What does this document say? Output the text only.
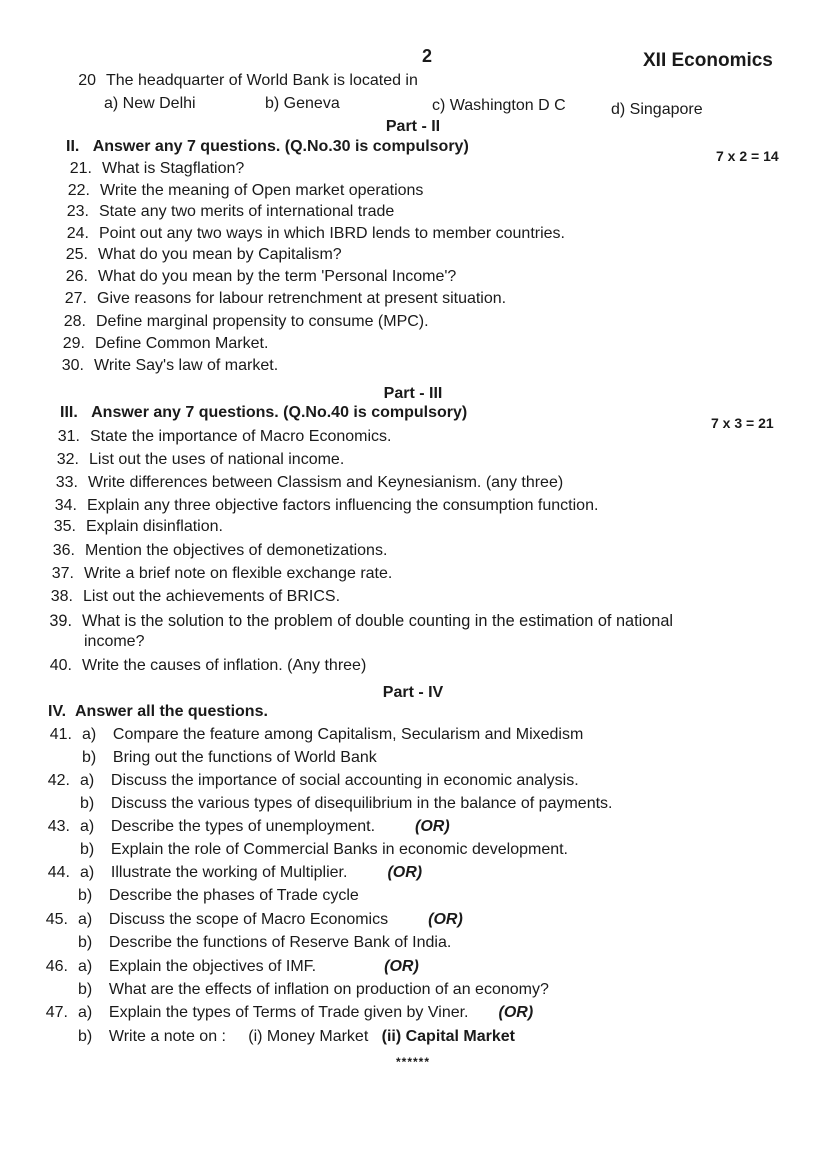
2	XII Economics
20 The headquarter of World Bank is located in
a) New Delhi	b) Geneva	c) Washington D C	d) Singapore
Part - II
II. Answer any 7 questions. (Q.No.30 is compulsory)
7 x 2 = 14
21. What is Stagflation?
22. Write the meaning of Open market operations
23. State any two merits of international trade
24. Point out any two ways in which IBRD lends to member countries.
25. What do you mean by Capitalism?
26. What do you mean by the term 'Personal Income'?
27. Give reasons for labour retrenchment at present situation.
28. Define marginal propensity to consume (MPC).
29. Define Common Market.
30. Write Say's law of market.
Part - III
III. Answer any 7 questions. (Q.No.40 is compulsory)
7 x 3 = 21
31. State the importance of Macro Economics.
32. List out the uses of national income.
33. Write differences between Classism and Keynesianism. (any three)
34. Explain any three objective factors influencing the consumption function.
35. Explain disinflation.
36. Mention the objectives of demonetizations.
37. Write a brief note on flexible exchange rate.
38. List out the achievements of BRICS.
39. What is the solution to the problem of double counting in the estimation of national
income?
40. Write the causes of inflation. (Any three)
Part - IV
IV. Answer all the questions.
41. a) Compare the feature among Capitalism, Secularism and Mixedism
b) Bring out the functions of World Bank
42. a) Discuss the importance of social accounting in economic analysis.
b) Discuss the various types of disequilibrium in the balance of payments.
43. a) Describe the types of unemployment.	(OR)
b) Explain the role of Commercial Banks in economic development.
44. a) Illustrate the working of Multiplier.	(OR)
b) Describe the phases of Trade cycle
45. a) Discuss the scope of Macro Economics	(OR)
b) Describe the functions of Reserve Bank of India.
46. a) Explain the objectives of IMF.	(OR)
b) What are the effects of inflation on production of an economy?
47. a) Explain the types of Terms of Trade given by Viner. (OR)
b) Write a note on : (i) Money Market (ii) Capital Market
******
